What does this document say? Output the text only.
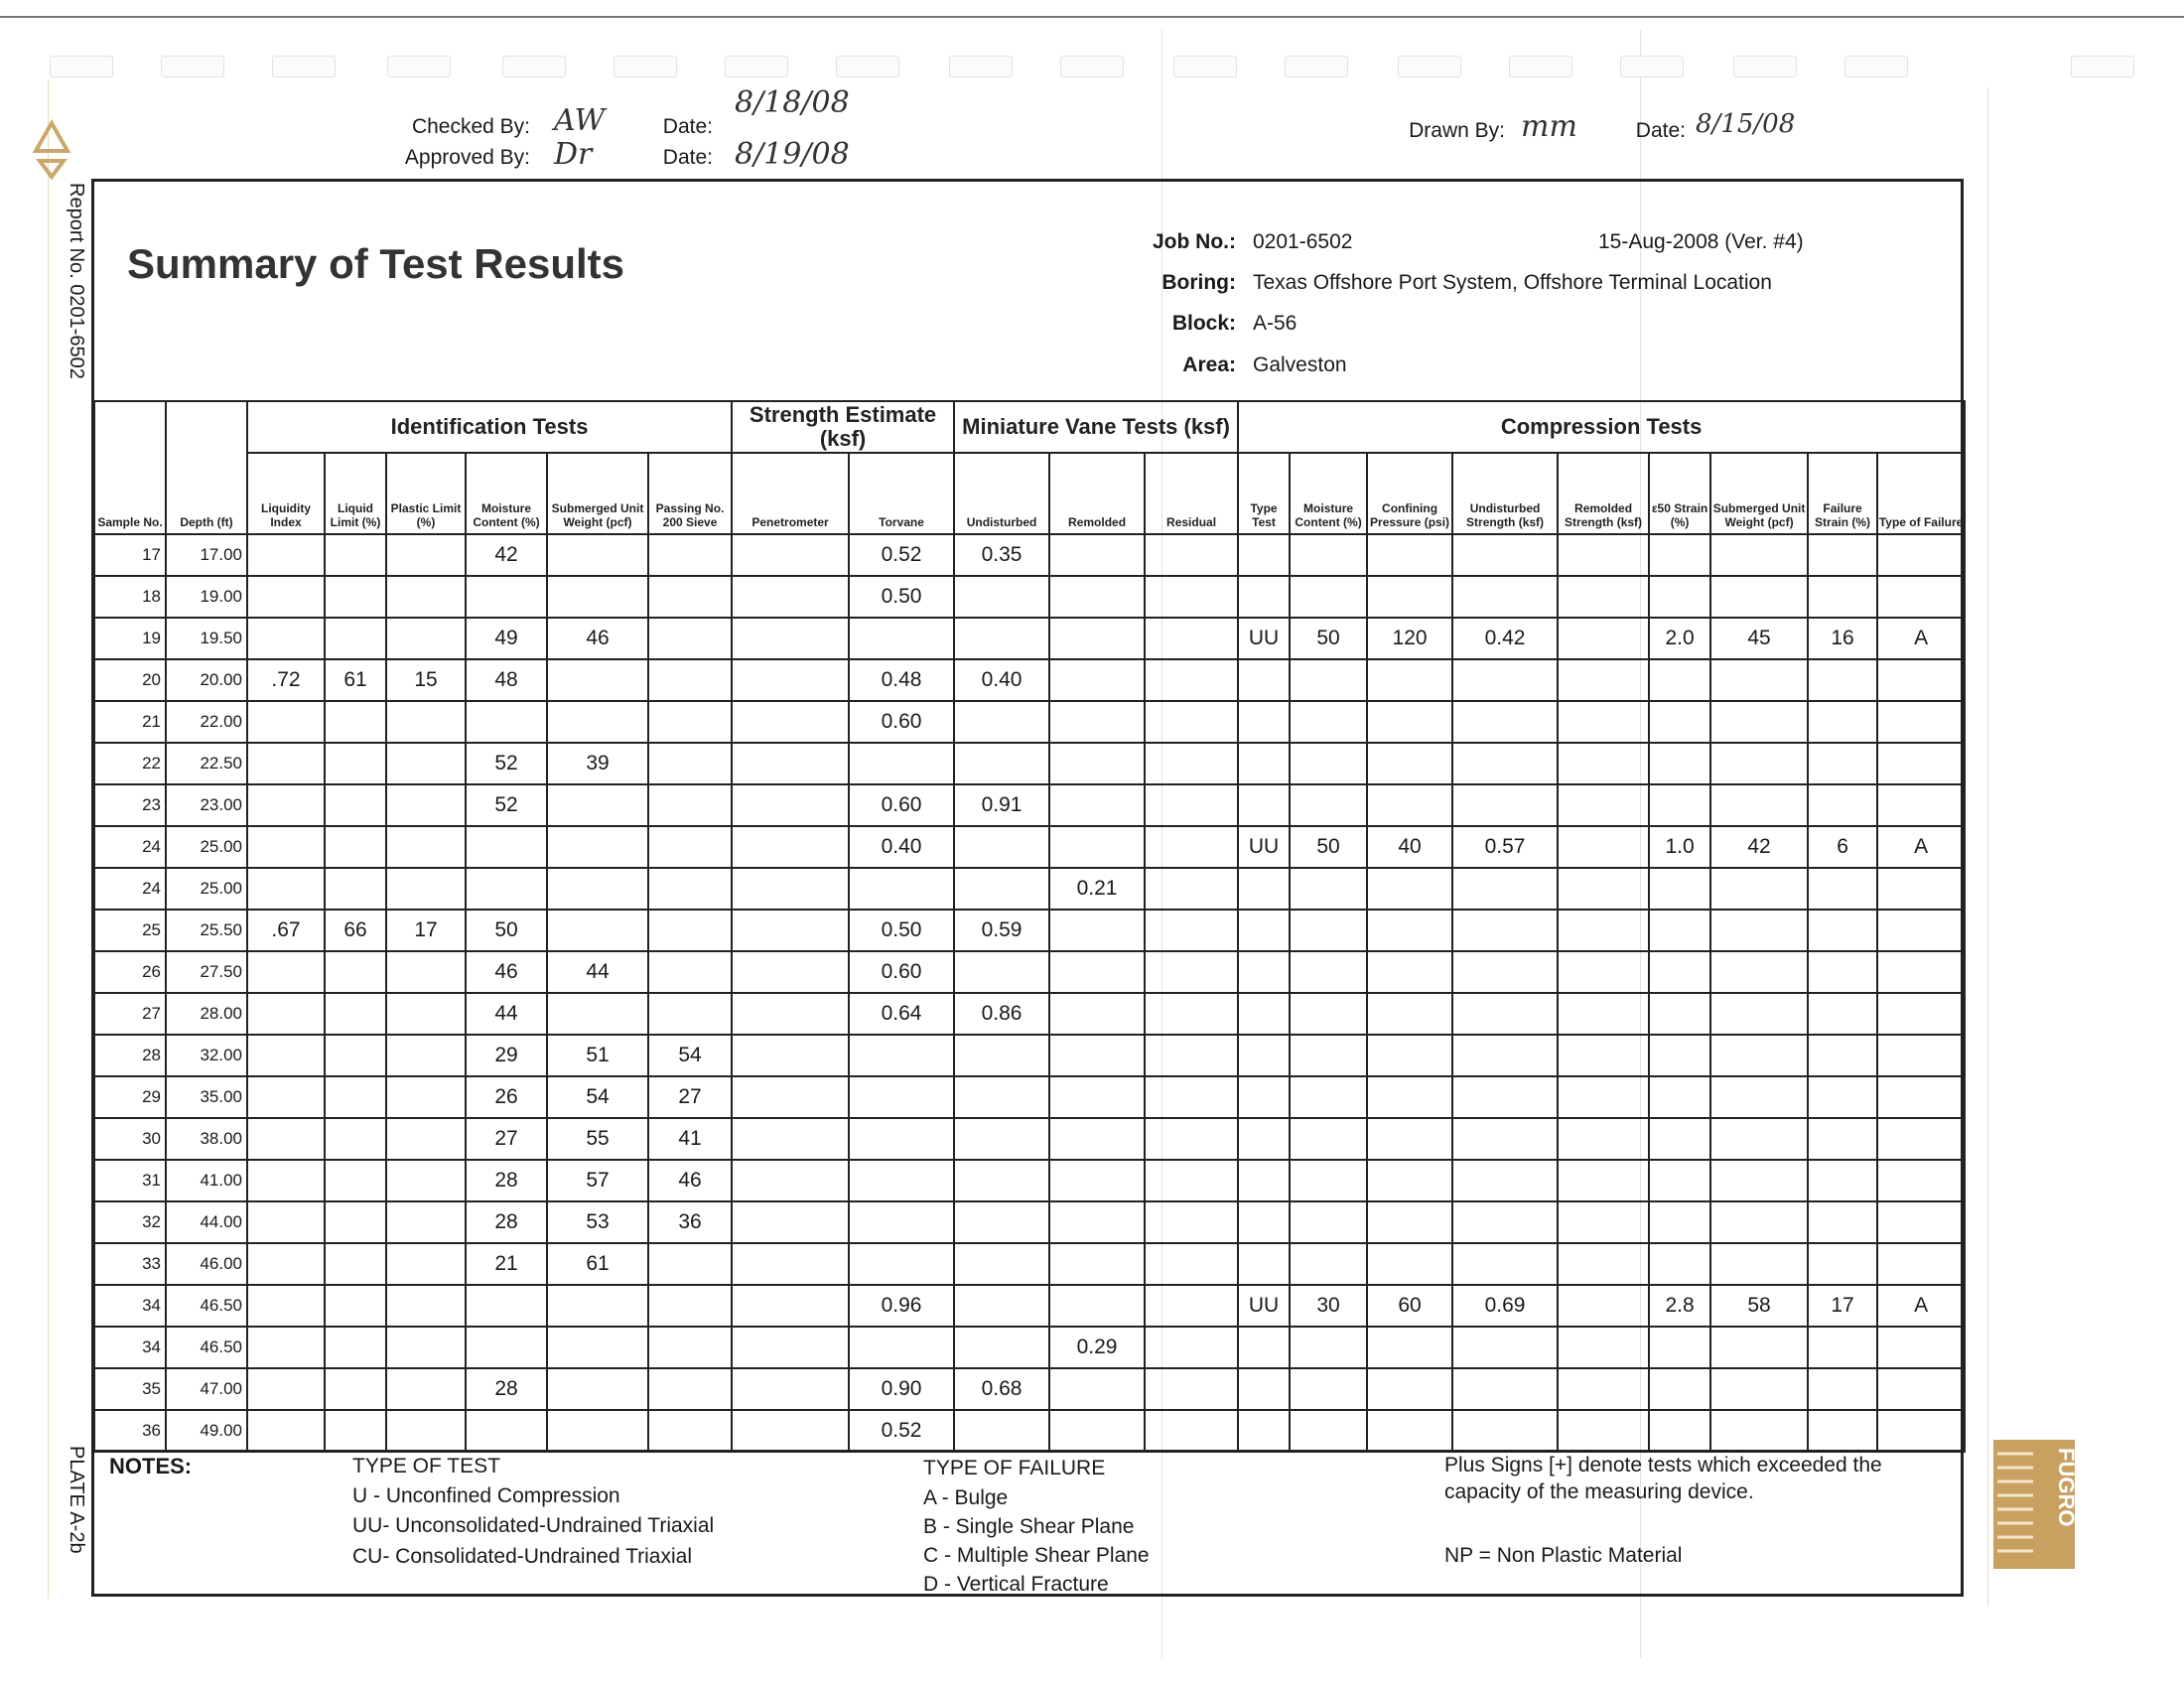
Report No. 0201-6502
PLATE A-2b
Checked By: AW	Date:
8/18/08
Approved By: Dr	Date: 8/19/08
Drawn By: mm	Date: 8/15/08
Summary of Test Results	Job No.: 0201-6502	15-Aug-2008 (Ver. #4)
Boring: Texas Offshore Port System, Offshore Terminal Location
Block: A-56
Area: Galveston
Sample No.	Depth (ft)	Identification Tests						Strength Estimate (ksf)		Miniature Vane Tests (ksf)			Compression Tests								
		Liquidity Index	Liquid Limit (%)	Plastic Limit (%)	Moisture Content (%)	Submerged Unit Weight (pcf)	Passing No. 200 Sieve	Penetrometer	Torvane	Undisturbed	Remolded	Residual	Type Test	Moisture Content (%)	Confining Pressure (psi)	Undisturbed Strength (ksf)	Remolded Strength (ksf)	ε50 Strain (%)	Submerged Unit Weight (pcf)	Failure Strain (%)	Type of Failure
17	17.00				42				0.52	0.35											
18	19.00								0.50												
19	19.50				49	46							UU	50	120	0.42		2.0	45	16	A
20	20.00	.72	61	15	48				0.48	0.40											
21	22.00								0.60												
22	22.50				52	39															
23	23.00				52				0.60	0.91											
24	25.00								0.40				UU	50	40	0.57		1.0	42	6	A
24	25.00										0.21										
25	25.50	.67	66	17	50				0.50	0.59											
26	27.50				46	44			0.60												
27	28.00				44				0.64	0.86											
28	32.00				29	51	54														
29	35.00				26	54	27														
30	38.00				27	55	41														
31	41.00				28	57	46														
32	44.00				28	53	36														
33	46.00				21	61															
34	46.50								0.96				UU	30	60	0.69		2.8	58	17	A
34	46.50										0.29										
35	47.00				28				0.90	0.68											
36	49.00								0.52												
NOTES:	TYPE OF TEST
U - Unconfined Compression
UU- Unconsolidated-Undrained Triaxial
CU- Consolidated-Undrained Triaxial
TYPE OF FAILURE
A - Bulge
B - Single Shear Plane
C - Multiple Shear Plane
D - Vertical Fracture
Plus Signs [+] denote tests which exceeded the capacity of the measuring device.
NP = Non Plastic Material
FUGRO
